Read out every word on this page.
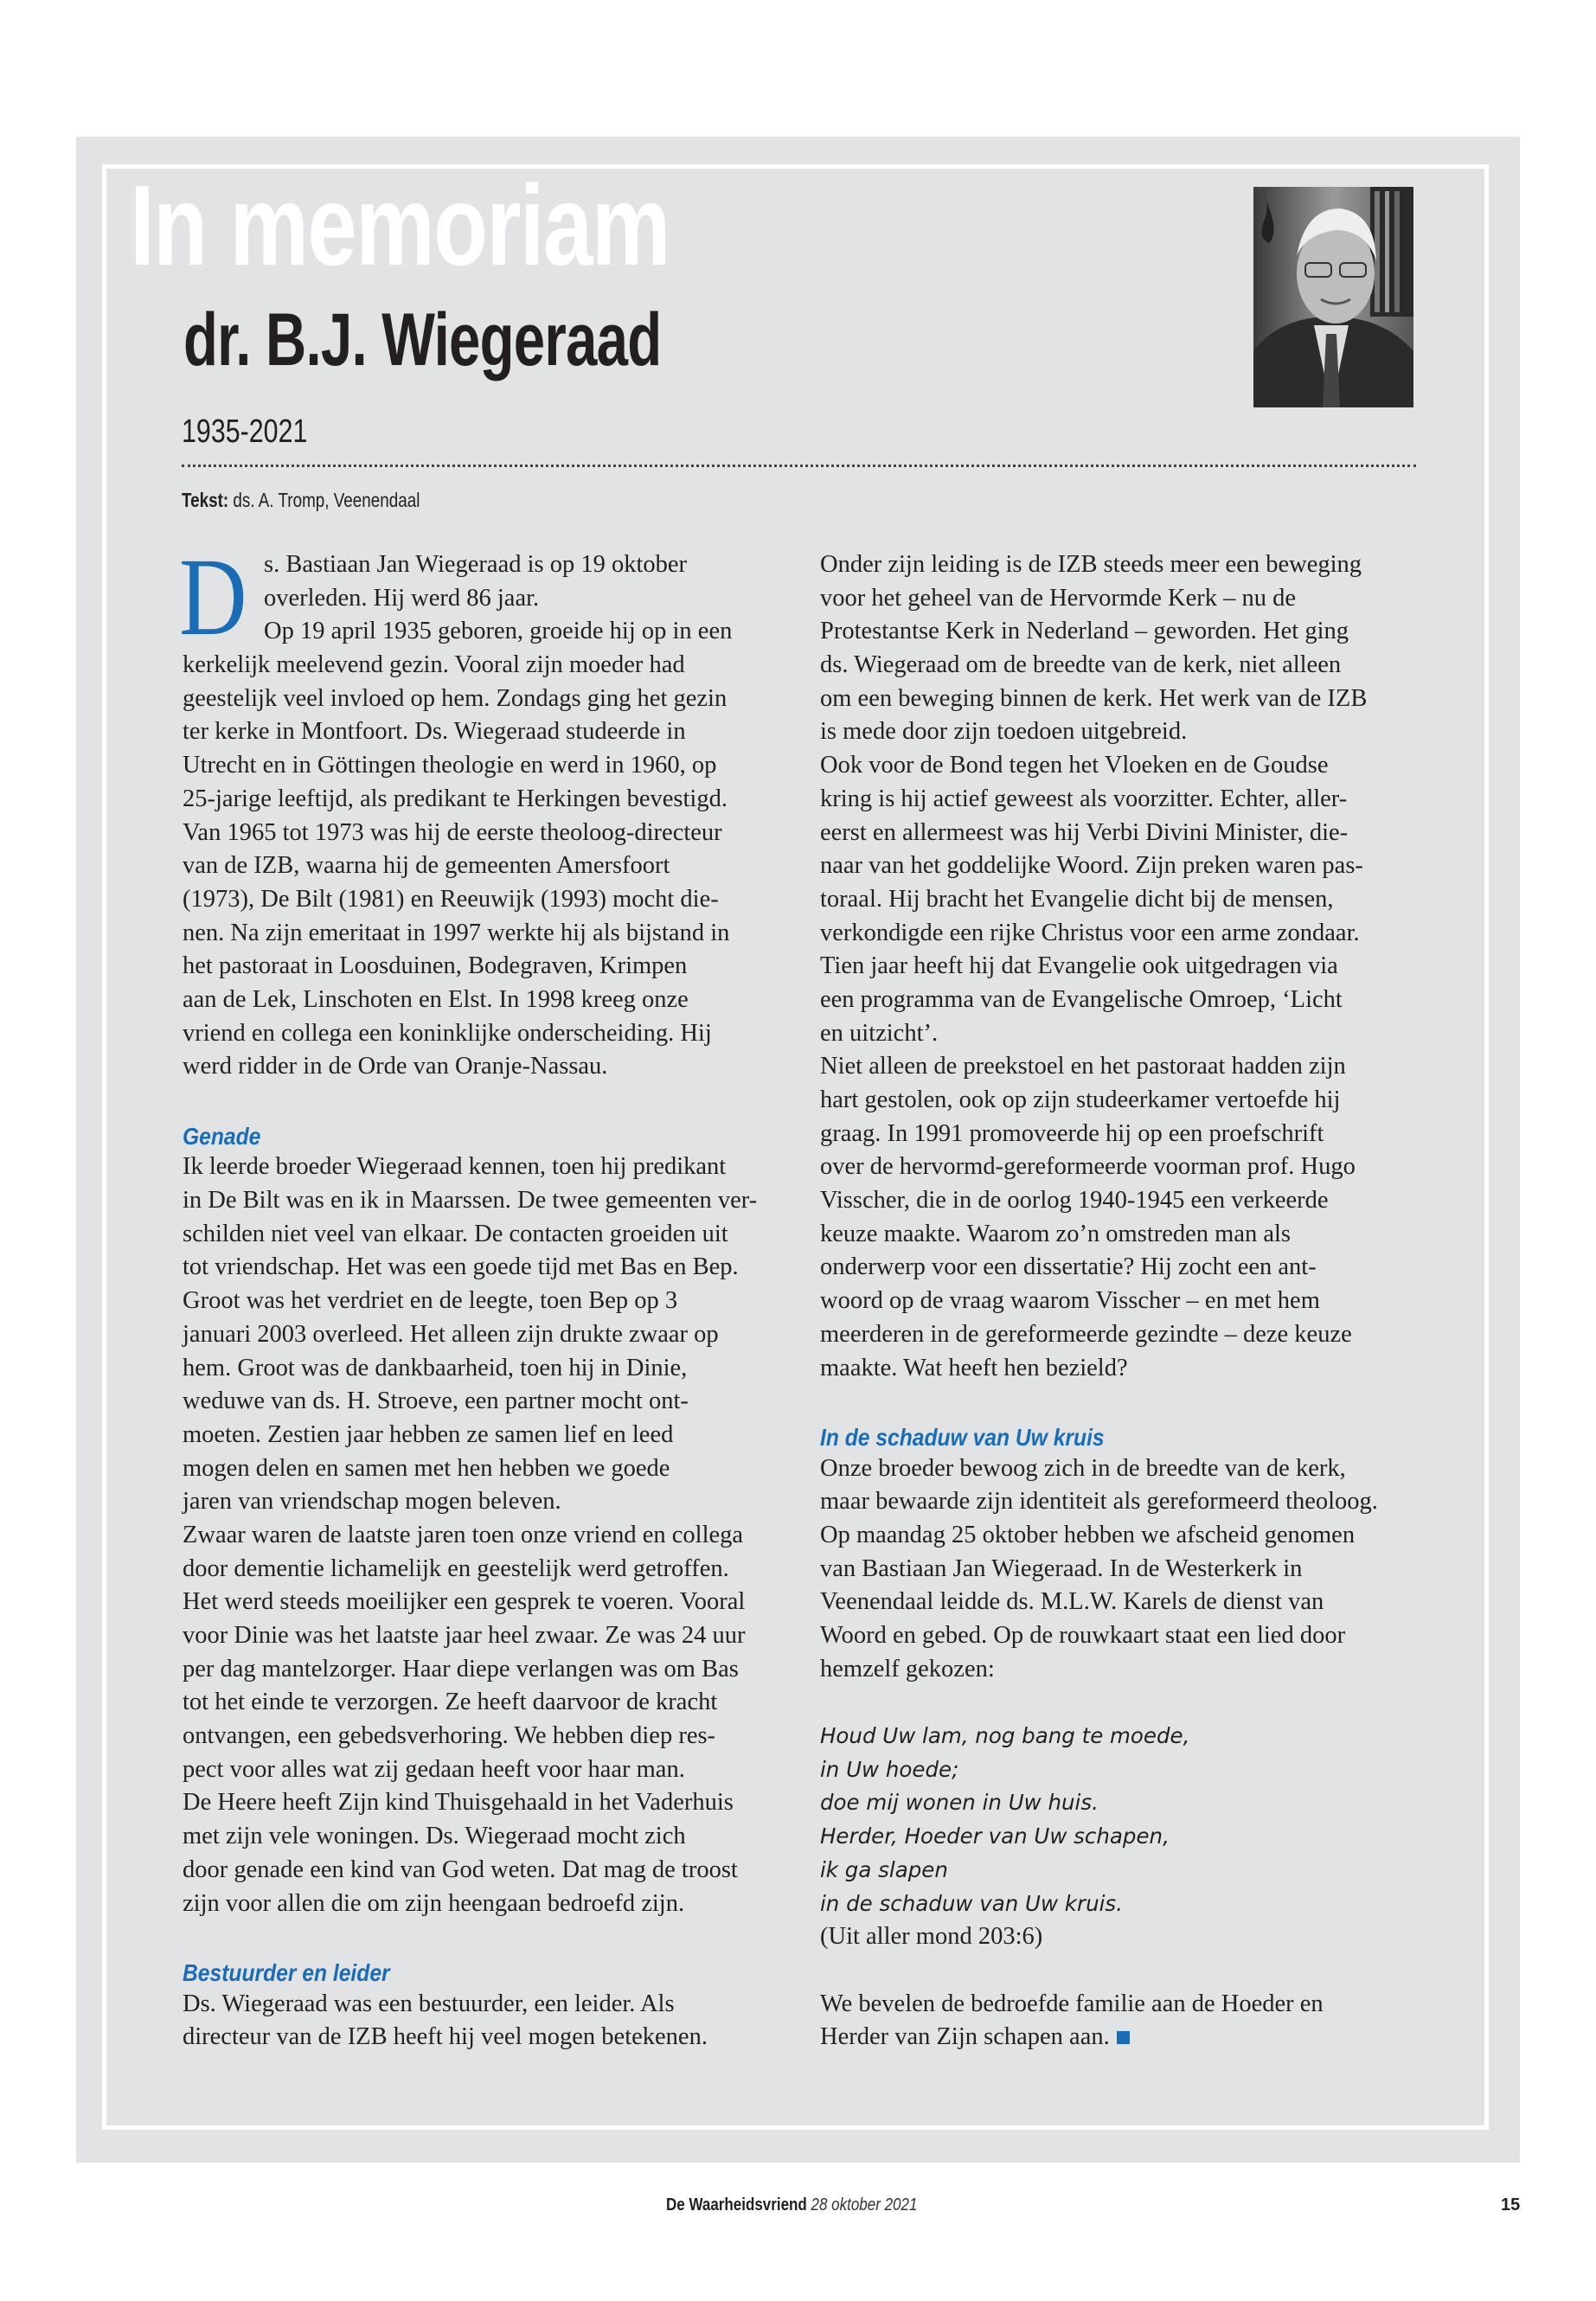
In memoriam
dr. B.J. Wiegeraad
1935-2021
Tekst: ds. A. Tromp, Veenendaal
D s. Bastiaan Jan Wiegeraad is op 19 oktober
overleden. Hij werd 86 jaar.
Op 19 april 1935 geboren, groeide hij op in een
kerkelijk meelevend gezin. Vooral zijn moeder had
geestelijk veel invloed op hem. Zondags ging het gezin
ter kerke in Montfoort. Ds. Wiegeraad studeerde in
Utrecht en in Göttingen theologie en werd in 1960, op
25-jarige leeftijd, als predikant te Herkingen bevestigd.
Van 1965 tot 1973 was hij de eerste theoloog-directeur
van de IZB, waarna hij de gemeenten Amersfoort
(1973), De Bilt (1981) en Reeuwijk (1993) mocht die-
nen. Na zijn emeritaat in 1997 werkte hij als bijstand in
het pastoraat in Loosduinen, Bodegraven, Krimpen
aan de Lek, Linschoten en Elst. In 1998 kreeg onze
vriend en collega een koninklijke onderscheiding. Hij
werd ridder in de Orde van Oranje-Nassau.
Genade
Ik leerde broeder Wiegeraad kennen, toen hij predikant
in De Bilt was en ik in Maarssen. De twee gemeenten ver-
schilden niet veel van elkaar. De contacten groeiden uit
tot vriendschap. Het was een goede tijd met Bas en Bep.
Groot was het verdriet en de leegte, toen Bep op 3
januari 2003 overleed. Het alleen zijn drukte zwaar op
hem. Groot was de dankbaarheid, toen hij in Dinie,
weduwe van ds. H. Stroeve, een partner mocht ont-
moeten. Zestien jaar hebben ze samen lief en leed
mogen delen en samen met hen hebben we goede
jaren van vriendschap mogen beleven.
Zwaar waren de laatste jaren toen onze vriend en collega
door dementie lichamelijk en geestelijk werd getroffen.
Het werd steeds moeilijker een gesprek te voeren. Vooral
voor Dinie was het laatste jaar heel zwaar. Ze was 24 uur
per dag mantelzorger. Haar diepe verlangen was om Bas
tot het einde te verzorgen. Ze heeft daarvoor de kracht
ontvangen, een gebedsverhoring. We hebben diep res-
pect voor alles wat zij gedaan heeft voor haar man.
De Heere heeft Zijn kind Thuisgehaald in het Vaderhuis
met zijn vele woningen. Ds. Wiegeraad mocht zich
door genade een kind van God weten. Dat mag de troost
zijn voor allen die om zijn heengaan bedroefd zijn.
Bestuurder en leider
Ds. Wiegeraad was een bestuurder, een leider. Als
directeur van de IZB heeft hij veel mogen betekenen.
Onder zijn leiding is de IZB steeds meer een beweging
voor het geheel van de Hervormde Kerk – nu de
Protestantse Kerk in Nederland – geworden. Het ging
ds. Wiegeraad om de breedte van de kerk, niet alleen
om een beweging binnen de kerk. Het werk van de IZB
is mede door zijn toedoen uitgebreid.
Ook voor de Bond tegen het Vloeken en de Goudse
kring is hij actief geweest als voorzitter. Echter, aller-
eerst en allermeest was hij Verbi Divini Minister, die-
naar van het goddelijke Woord. Zijn preken waren pas-
toraal. Hij bracht het Evangelie dicht bij de mensen,
verkondigde een rijke Christus voor een arme zondaar.
Tien jaar heeft hij dat Evangelie ook uitgedragen via
een programma van de Evangelische Omroep, ‘Licht
en uitzicht’.
Niet alleen de preekstoel en het pastoraat hadden zijn
hart gestolen, ook op zijn studeerkamer vertoefde hij
graag. In 1991 promoveerde hij op een proefschrift
over de hervormd-gereformeerde voorman prof. Hugo
Visscher, die in de oorlog 1940-1945 een verkeerde
keuze maakte. Waarom zo’n omstreden man als
onderwerp voor een dissertatie? Hij zocht een ant-
woord op de vraag waarom Visscher – en met hem
meerderen in de gereformeerde gezindte – deze keuze
maakte. Wat heeft hen bezield?
In de schaduw van Uw kruis
Onze broeder bewoog zich in de breedte van de kerk,
maar bewaarde zijn identiteit als gereformeerd theoloog.
Op maandag 25 oktober hebben we afscheid genomen
van Bastiaan Jan Wiegeraad. In de Westerkerk in
Veenendaal leidde ds. M.L.W. Karels de dienst van
Woord en gebed. Op de rouwkaart staat een lied door
hemzelf gekozen:
Houd Uw lam, nog bang te moede,
in Uw hoede;
doe mij wonen in Uw huis.
Herder, Hoeder van Uw schapen,
ik ga slapen
in de schaduw van Uw kruis.
(Uit aller mond 203:6)
We bevelen de bedroefde familie aan de Hoeder en
Herder van Zijn schapen aan.
De Waarheidsvriend 28 oktober 2021	15
